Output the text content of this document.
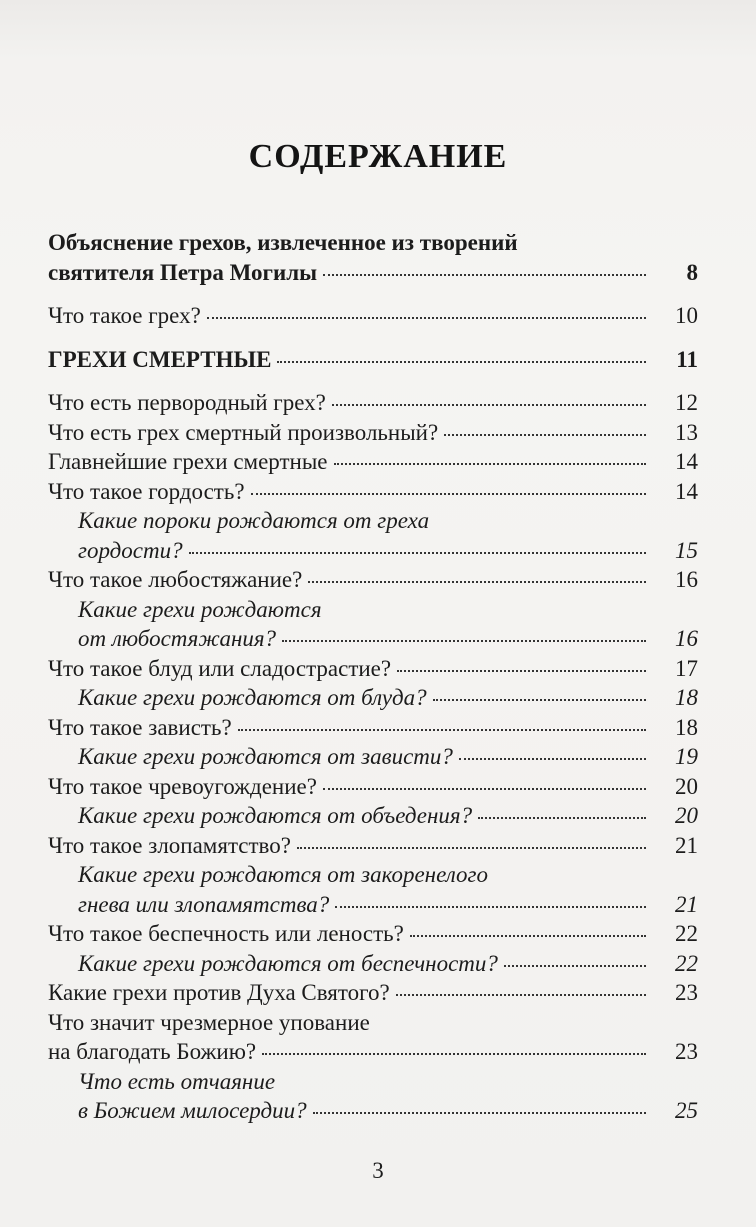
СОДЕРЖАНИЕ
Объяснение грехов, извлеченное из творений
святителя Петра Могилы	8
Что такое грех?	10
ГРЕХИ СМЕРТНЫЕ	11
Что есть первородный грех?	12
Что есть грех смертный произвольный?	13
Главнейшие грехи смертные	14
Что такое гордость?	14
Какие пороки рождаются от греха
гордости?	15
Что такое любостяжание?	16
Какие грехи рождаются
от любостяжания?	16
Что такое блуд или сладострастие?	17
Какие грехи рождаются от блуда?	18
Что такое зависть?	18
Какие грехи рождаются от зависти?	19
Что такое чревоугождение?	20
Какие грехи рождаются от объедения?	20
Что такое злопамятство?	21
Какие грехи рождаются от закоренелого
гнева или злопамятства?	21
Что такое беспечность или леность?	22
Какие грехи рождаются от беспечности?	22
Какие грехи против Духа Святого?	23
Что значит чрезмерное упование
на благодать Божию?	23
Что есть отчаяние
в Божием милосердии?	25
3
